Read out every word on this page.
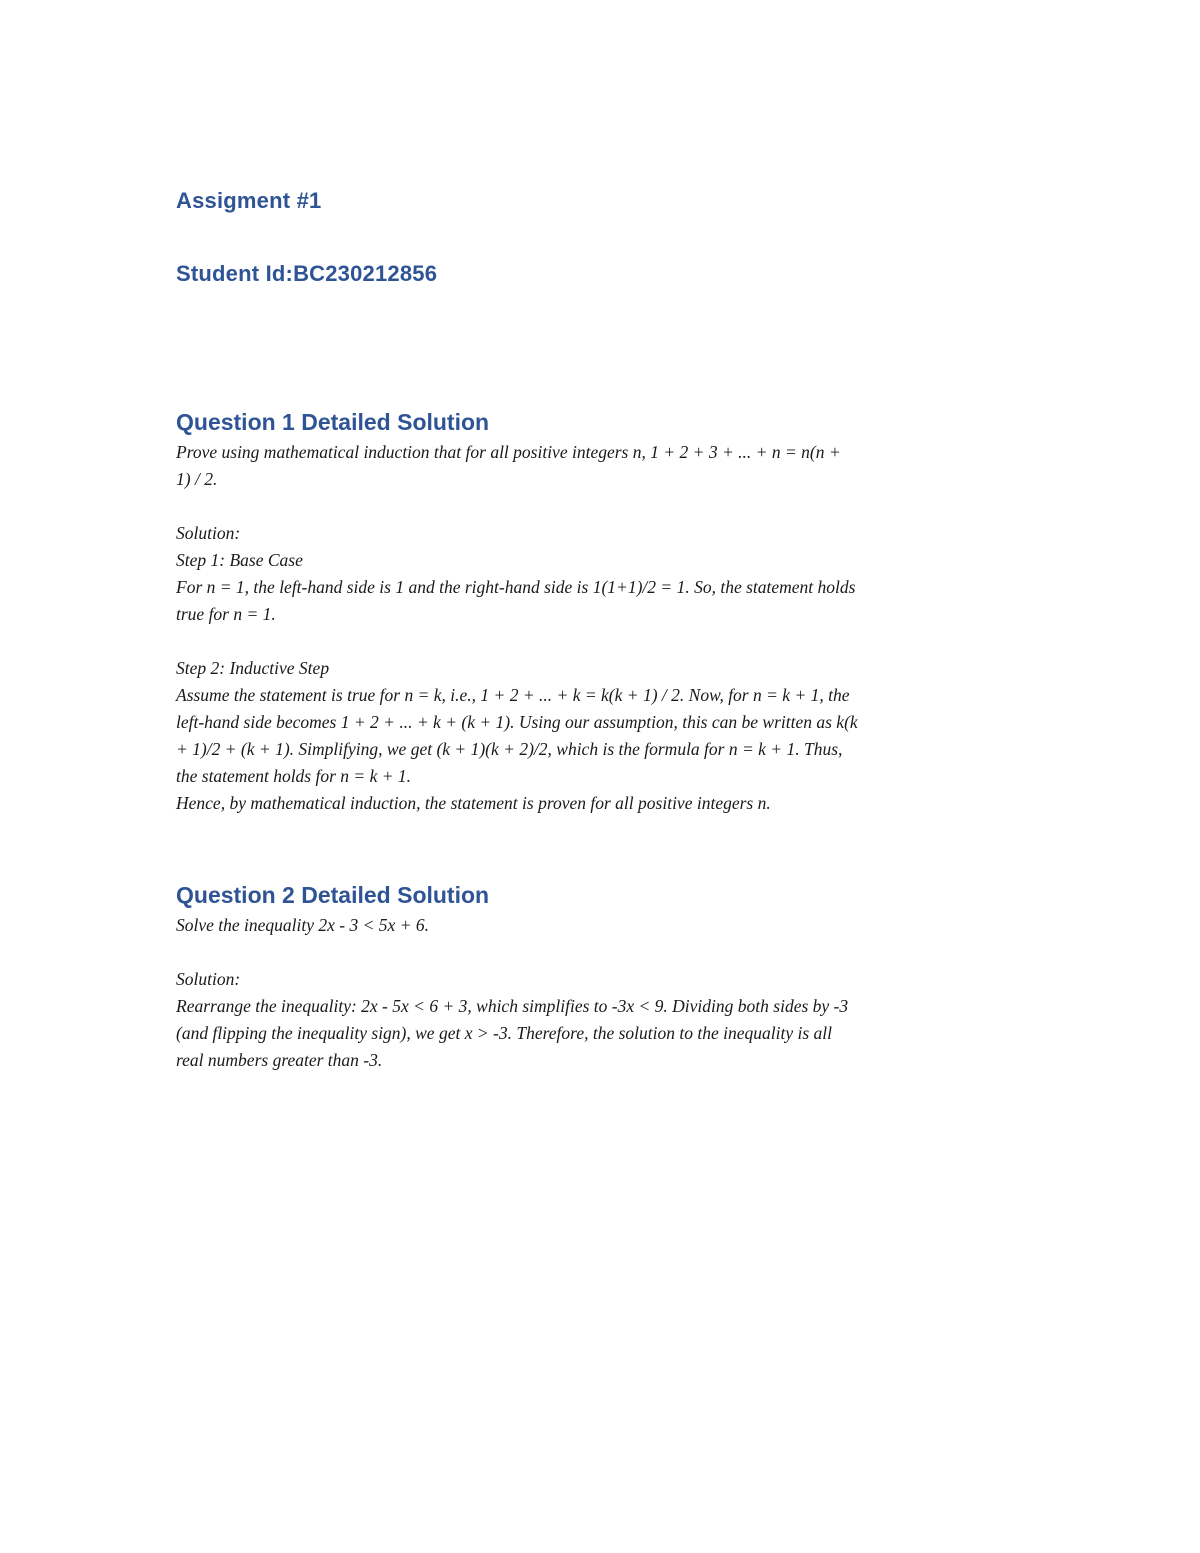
Assigment #1
Student Id:BC230212856
Question 1 Detailed Solution
Prove using mathematical induction that for all positive integers n, 1 + 2 + 3 + ... + n = n(n +
1) / 2.
Solution:
Step 1: Base Case
For n = 1, the left-hand side is 1 and the right-hand side is 1(1+1)/2 = 1. So, the statement holds
true for n = 1.
Step 2: Inductive Step
Assume the statement is true for n = k, i.e., 1 + 2 + ... + k = k(k + 1) / 2. Now, for n = k + 1, the
left-hand side becomes 1 + 2 + ... + k + (k + 1). Using our assumption, this can be written as k(k
+ 1)/2 + (k + 1). Simplifying, we get (k + 1)(k + 2)/2, which is the formula for n = k + 1. Thus,
the statement holds for n = k + 1.
Hence, by mathematical induction, the statement is proven for all positive integers n.
Question 2 Detailed Solution
Solve the inequality 2x - 3 < 5x + 6.
Solution:
Rearrange the inequality: 2x - 5x < 6 + 3, which simplifies to -3x < 9. Dividing both sides by -3
(and flipping the inequality sign), we get x > -3. Therefore, the solution to the inequality is all
real numbers greater than -3.
